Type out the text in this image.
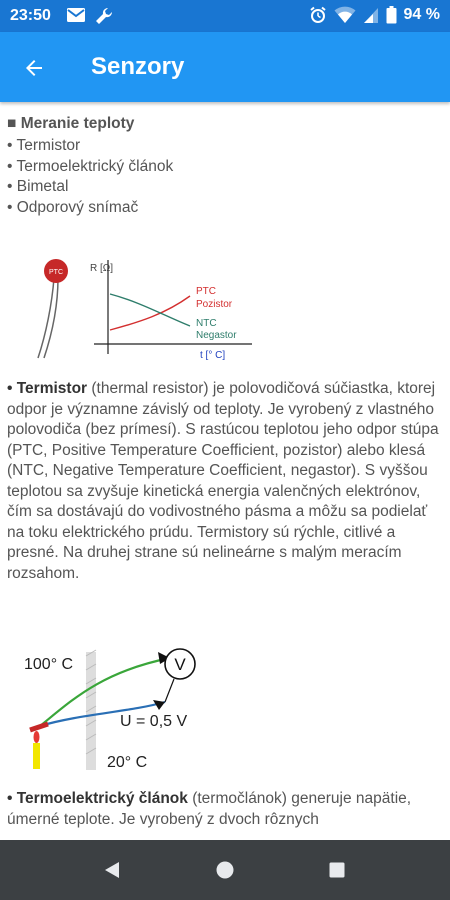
23:50	94 %
Senzory
■ Meranie teploty
• Termistor
• Termoelektrický článok
• Bimetal
• Odporový snímač
PTC	R [Ω]
t [° C]
PTC
Pozistor
NTC
Negastor

• Termistor (thermal resistor) je polovodičová súčiastka, ktorej odpor je významne závislý od teploty. Je vyrobený z vlastného polovodiča (bez prímesí). S rastúcou teplotou jeho odpor stúpa (PTC, Positive Temperature Coefficient, pozistor) alebo klesá (NTC, Negative Temperature Coefficient, negastor). S vyššou teplotou sa zvyšuje kinetická energia valenčných elektrónov, čím sa dostávajú do vodivostného pásma a môžu sa podielať na toku elektrického prúdu. Termistory sú rýchle, citlivé a presné. Na druhej strane sú nelineárne s malým meracím rozsahom.

100° C
20° C
V
U = 0,5 V

• Termoelektrický článok (termočlánok) generuje napätie, úmerné teplote. Je vyrobený z dvoch rôznych
